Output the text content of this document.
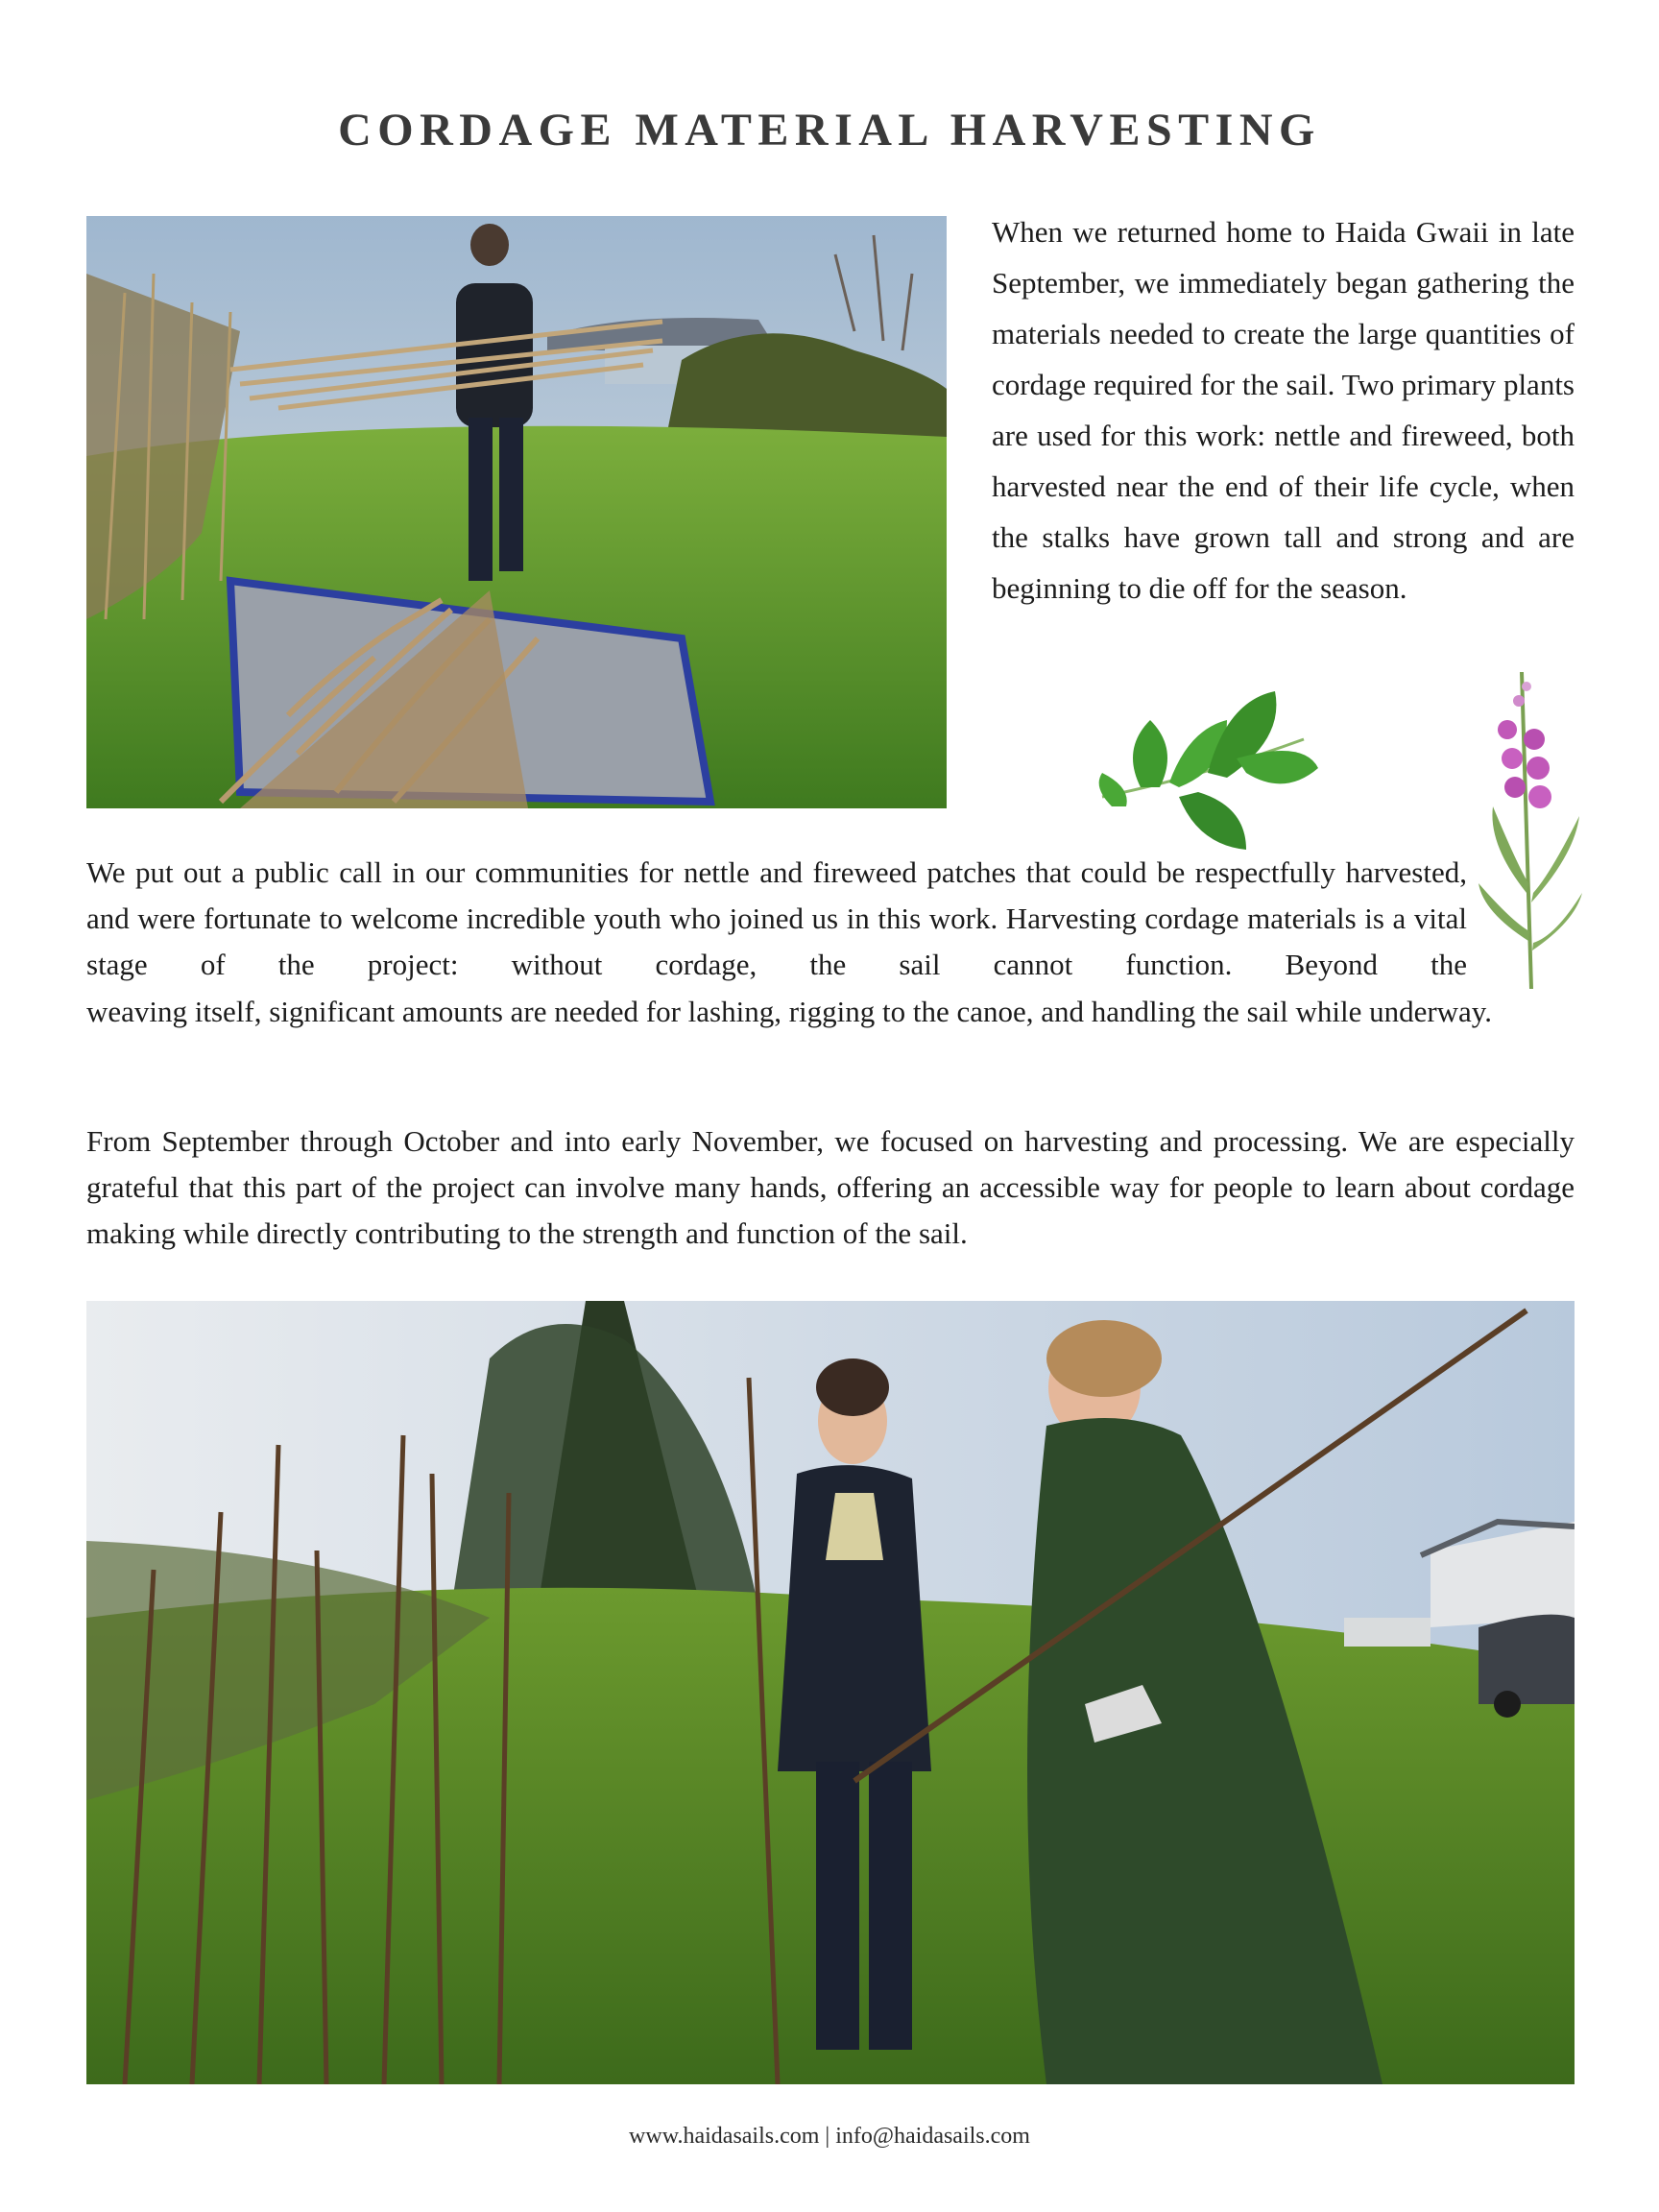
CORDAGE MATERIAL HARVESTING

When we returned home to Haida Gwaii in late September, we immediately began gathering the materials needed to create the large quantities of cordage required for the sail. Two primary plants are used for this work: nettle and fireweed, both harvested near the end of their life cycle, when the stalks have grown tall and strong and are beginning to die off for the season.

We put out a public call in our communities for nettle and fireweed patches that could be respectfully harvested, and were fortunate to welcome incredible youth who joined us in this work. Harvesting cordage materials is a vital stage of the project: without cordage, the sail cannot function. Beyond the

weaving itself, significant amounts are needed for lashing, rigging to the canoe, and handling the sail while underway.

From September through October and into early November, we focused on harvesting and processing. We are especially grateful that this part of the project can involve many hands, offering an accessible way for people to learn about cordage making while directly contributing to the strength and function of the sail.

www.haidasails.com | info@haidasails.com
